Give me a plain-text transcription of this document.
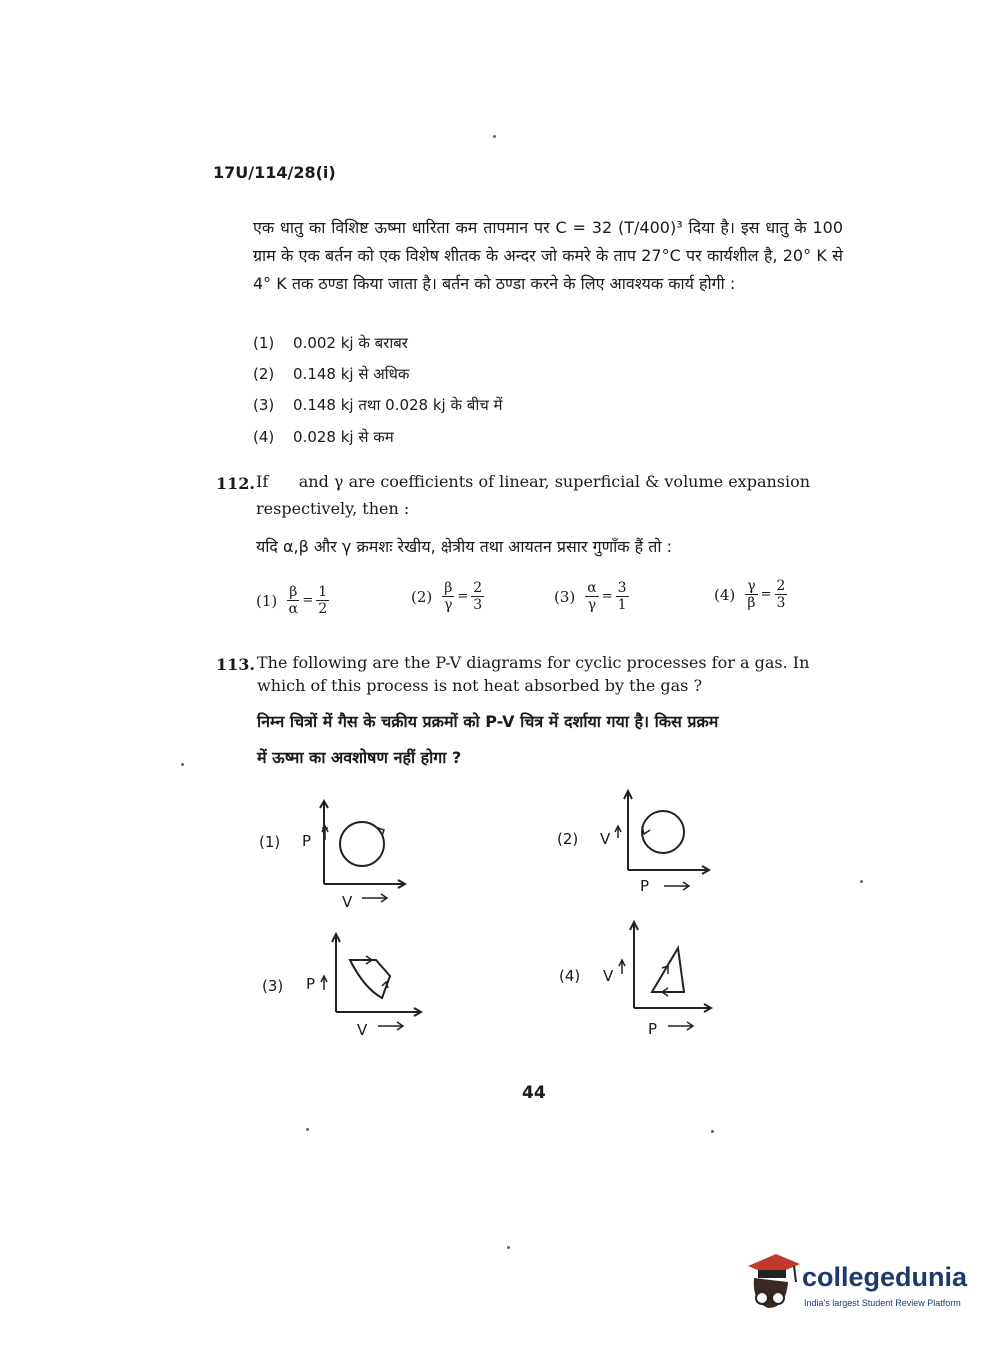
17U/114/28(i)
एक धातु का विशिष्ट ऊष्मा धारिता कम तापमान पर C = 32 (T/400)³ दिया है। इस धातु के 100 ग्राम के एक बर्तन को एक विशेष शीतक के अन्दर जो कमरे के ताप 27°C पर कार्यशील है, 20° K से 4° K तक ठण्डा किया जाता है। बर्तन को ठण्डा करने के लिए आवश्यक कार्य होगी :
(1) 0.002 kj के बराबर
(2) 0.148 kj से अधिक
(3) 0.148 kj तथा 0.028 kj के बीच में
(4) 0.028 kj से कम
112. If      and γ are coefficients of linear, superficial & volume expansion
respectively, then :
यदि α,β और γ क्रमशः रेखीय, क्षेत्रीय तथा आयतन प्रसार गुणाँक हैं तो :
$(1) \frac{\beta}{\alpha} = \frac{1}{2}$	$(2) \frac{\beta}{\gamma} = \frac{2}{3}$	$(3) \frac{\alpha}{\gamma} = \frac{3}{1}$	$(4) \frac{\gamma}{\beta} = \frac{2}{3}$
113. The following are the P-V diagrams for cyclic processes for a gas. In
which of this process is not heat absorbed by the gas ?
निम्न चित्रों में गैस के चक्रीय प्रक्रमों को P-V चित्र में दर्शाया गया है। किस प्रक्रम
में ऊष्मा का अवशोषण नहीं होगा ?
(1) P
V
(2) V
P
(3) P
V
(4) V
P
44
collegedunia
India's largest Student Review Platform
